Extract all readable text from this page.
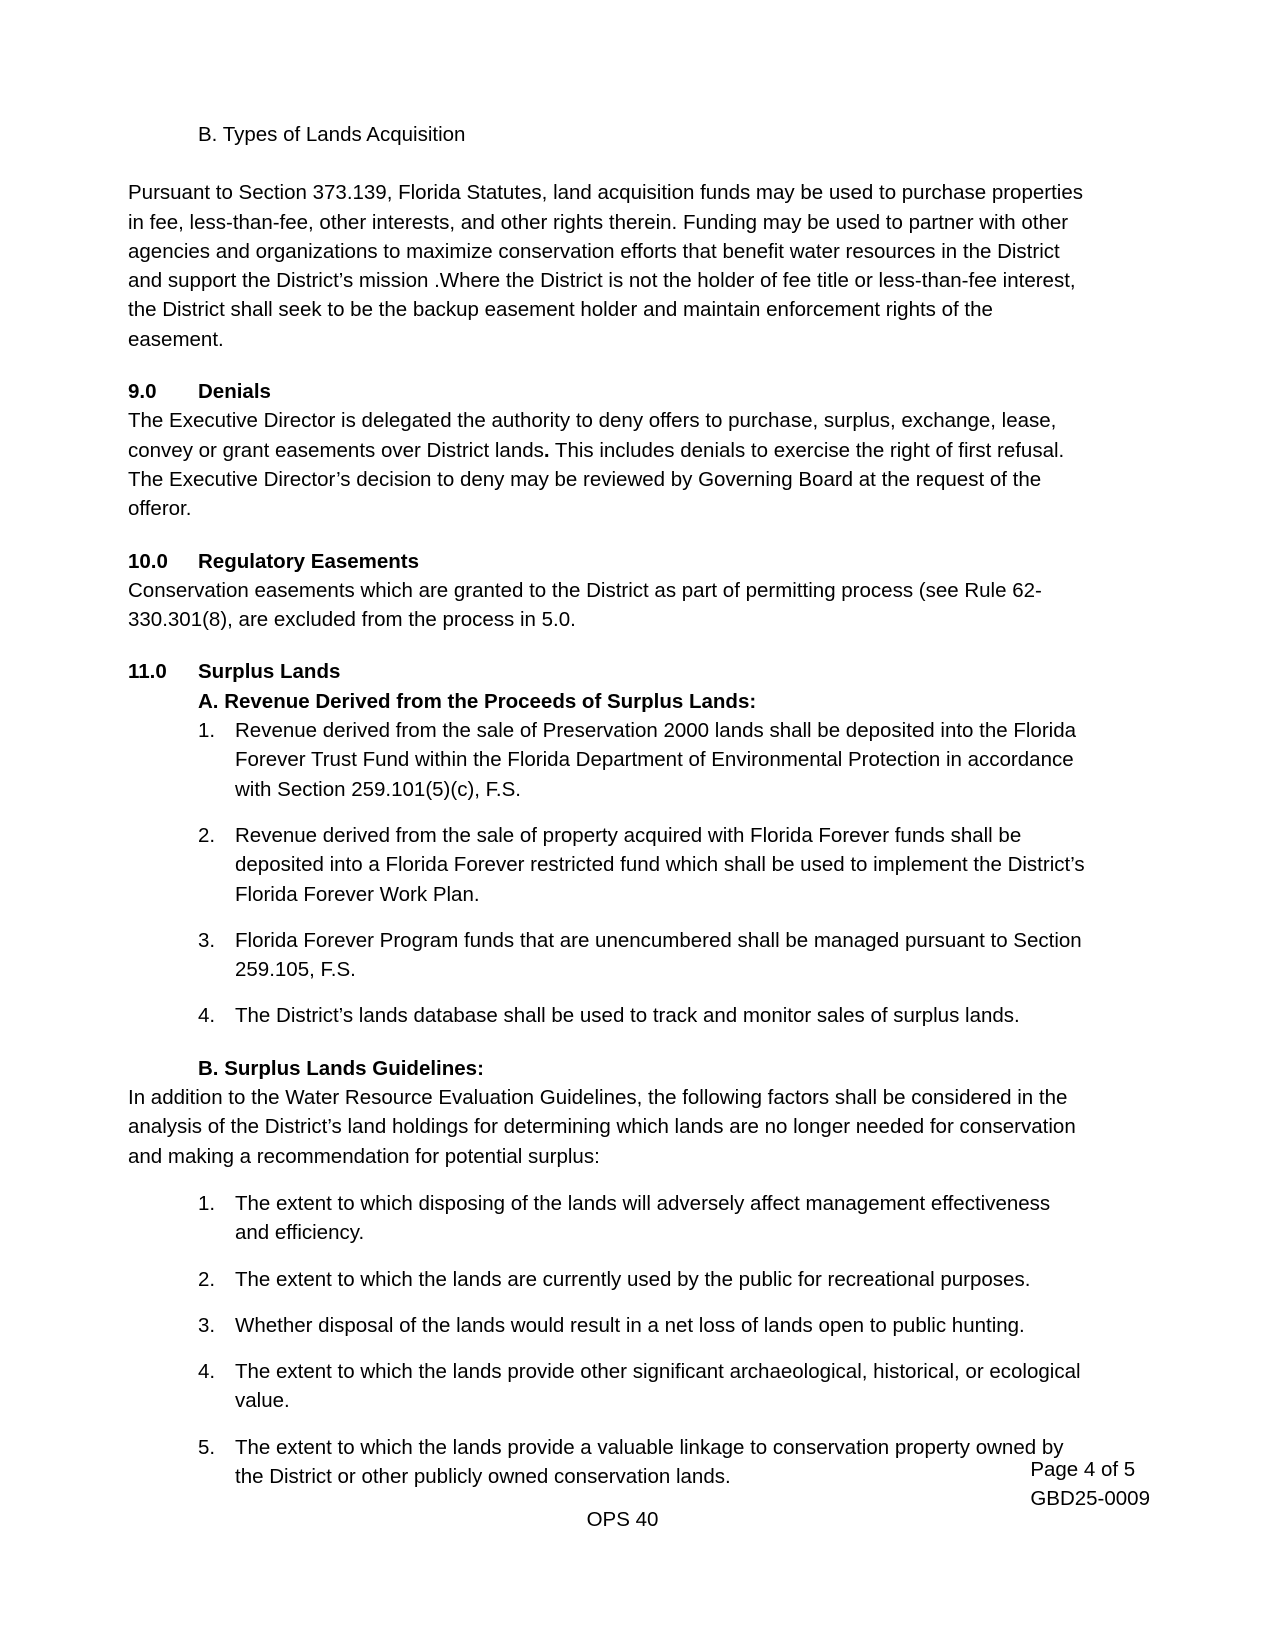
B. Types of Lands Acquisition

Pursuant to Section 373.139, Florida Statutes, land acquisition funds may be used to purchase properties in fee, less-than-fee, other interests, and other rights therein. Funding may be used to partner with other agencies and organizations to maximize conservation efforts that benefit water resources in the District and support the District’s mission .Where the District is not the holder of fee title or less-than-fee interest, the District shall seek to be the backup easement holder and maintain enforcement rights of the easement.

9.0	Denials

The Executive Director is delegated the authority to deny offers to purchase, surplus, exchange, lease, convey or grant easements over District lands. This includes denials to exercise the right of first refusal. The Executive Director’s decision to deny may be reviewed by Governing Board at the request of the offeror.

10.0	Regulatory Easements

Conservation easements which are granted to the District as part of permitting process (see Rule 62-330.301(8), are excluded from the process in 5.0.

11.0	Surplus Lands
A. Revenue Derived from the Proceeds of Surplus Lands:
1. Revenue derived from the sale of Preservation 2000 lands shall be deposited into the Florida Forever Trust Fund within the Florida Department of Environmental Protection in accordance with Section 259.101(5)(c), F.S.
2. Revenue derived from the sale of property acquired with Florida Forever funds shall be deposited into a Florida Forever restricted fund which shall be used to implement the District’s Florida Forever Work Plan.
3. Florida Forever Program funds that are unencumbered shall be managed pursuant to Section 259.105, F.S.
4. The District’s lands database shall be used to track and monitor sales of surplus lands.
B. Surplus Lands Guidelines:

In addition to the Water Resource Evaluation Guidelines, the following factors shall be considered in the analysis of the District’s land holdings for determining which lands are no longer needed for conservation and making a recommendation for potential surplus:

1. The extent to which disposing of the lands will adversely affect management effectiveness and efficiency.
2. The extent to which the lands are currently used by the public for recreational purposes.
3. Whether disposal of the lands would result in a net loss of lands open to public hunting.
4. The extent to which the lands provide other significant archaeological, historical, or ecological value.
5. The extent to which the lands provide a valuable linkage to conservation property owned by the District or other publicly owned conservation lands.	Page 4 of 5
GBD25-0009
OPS 40
